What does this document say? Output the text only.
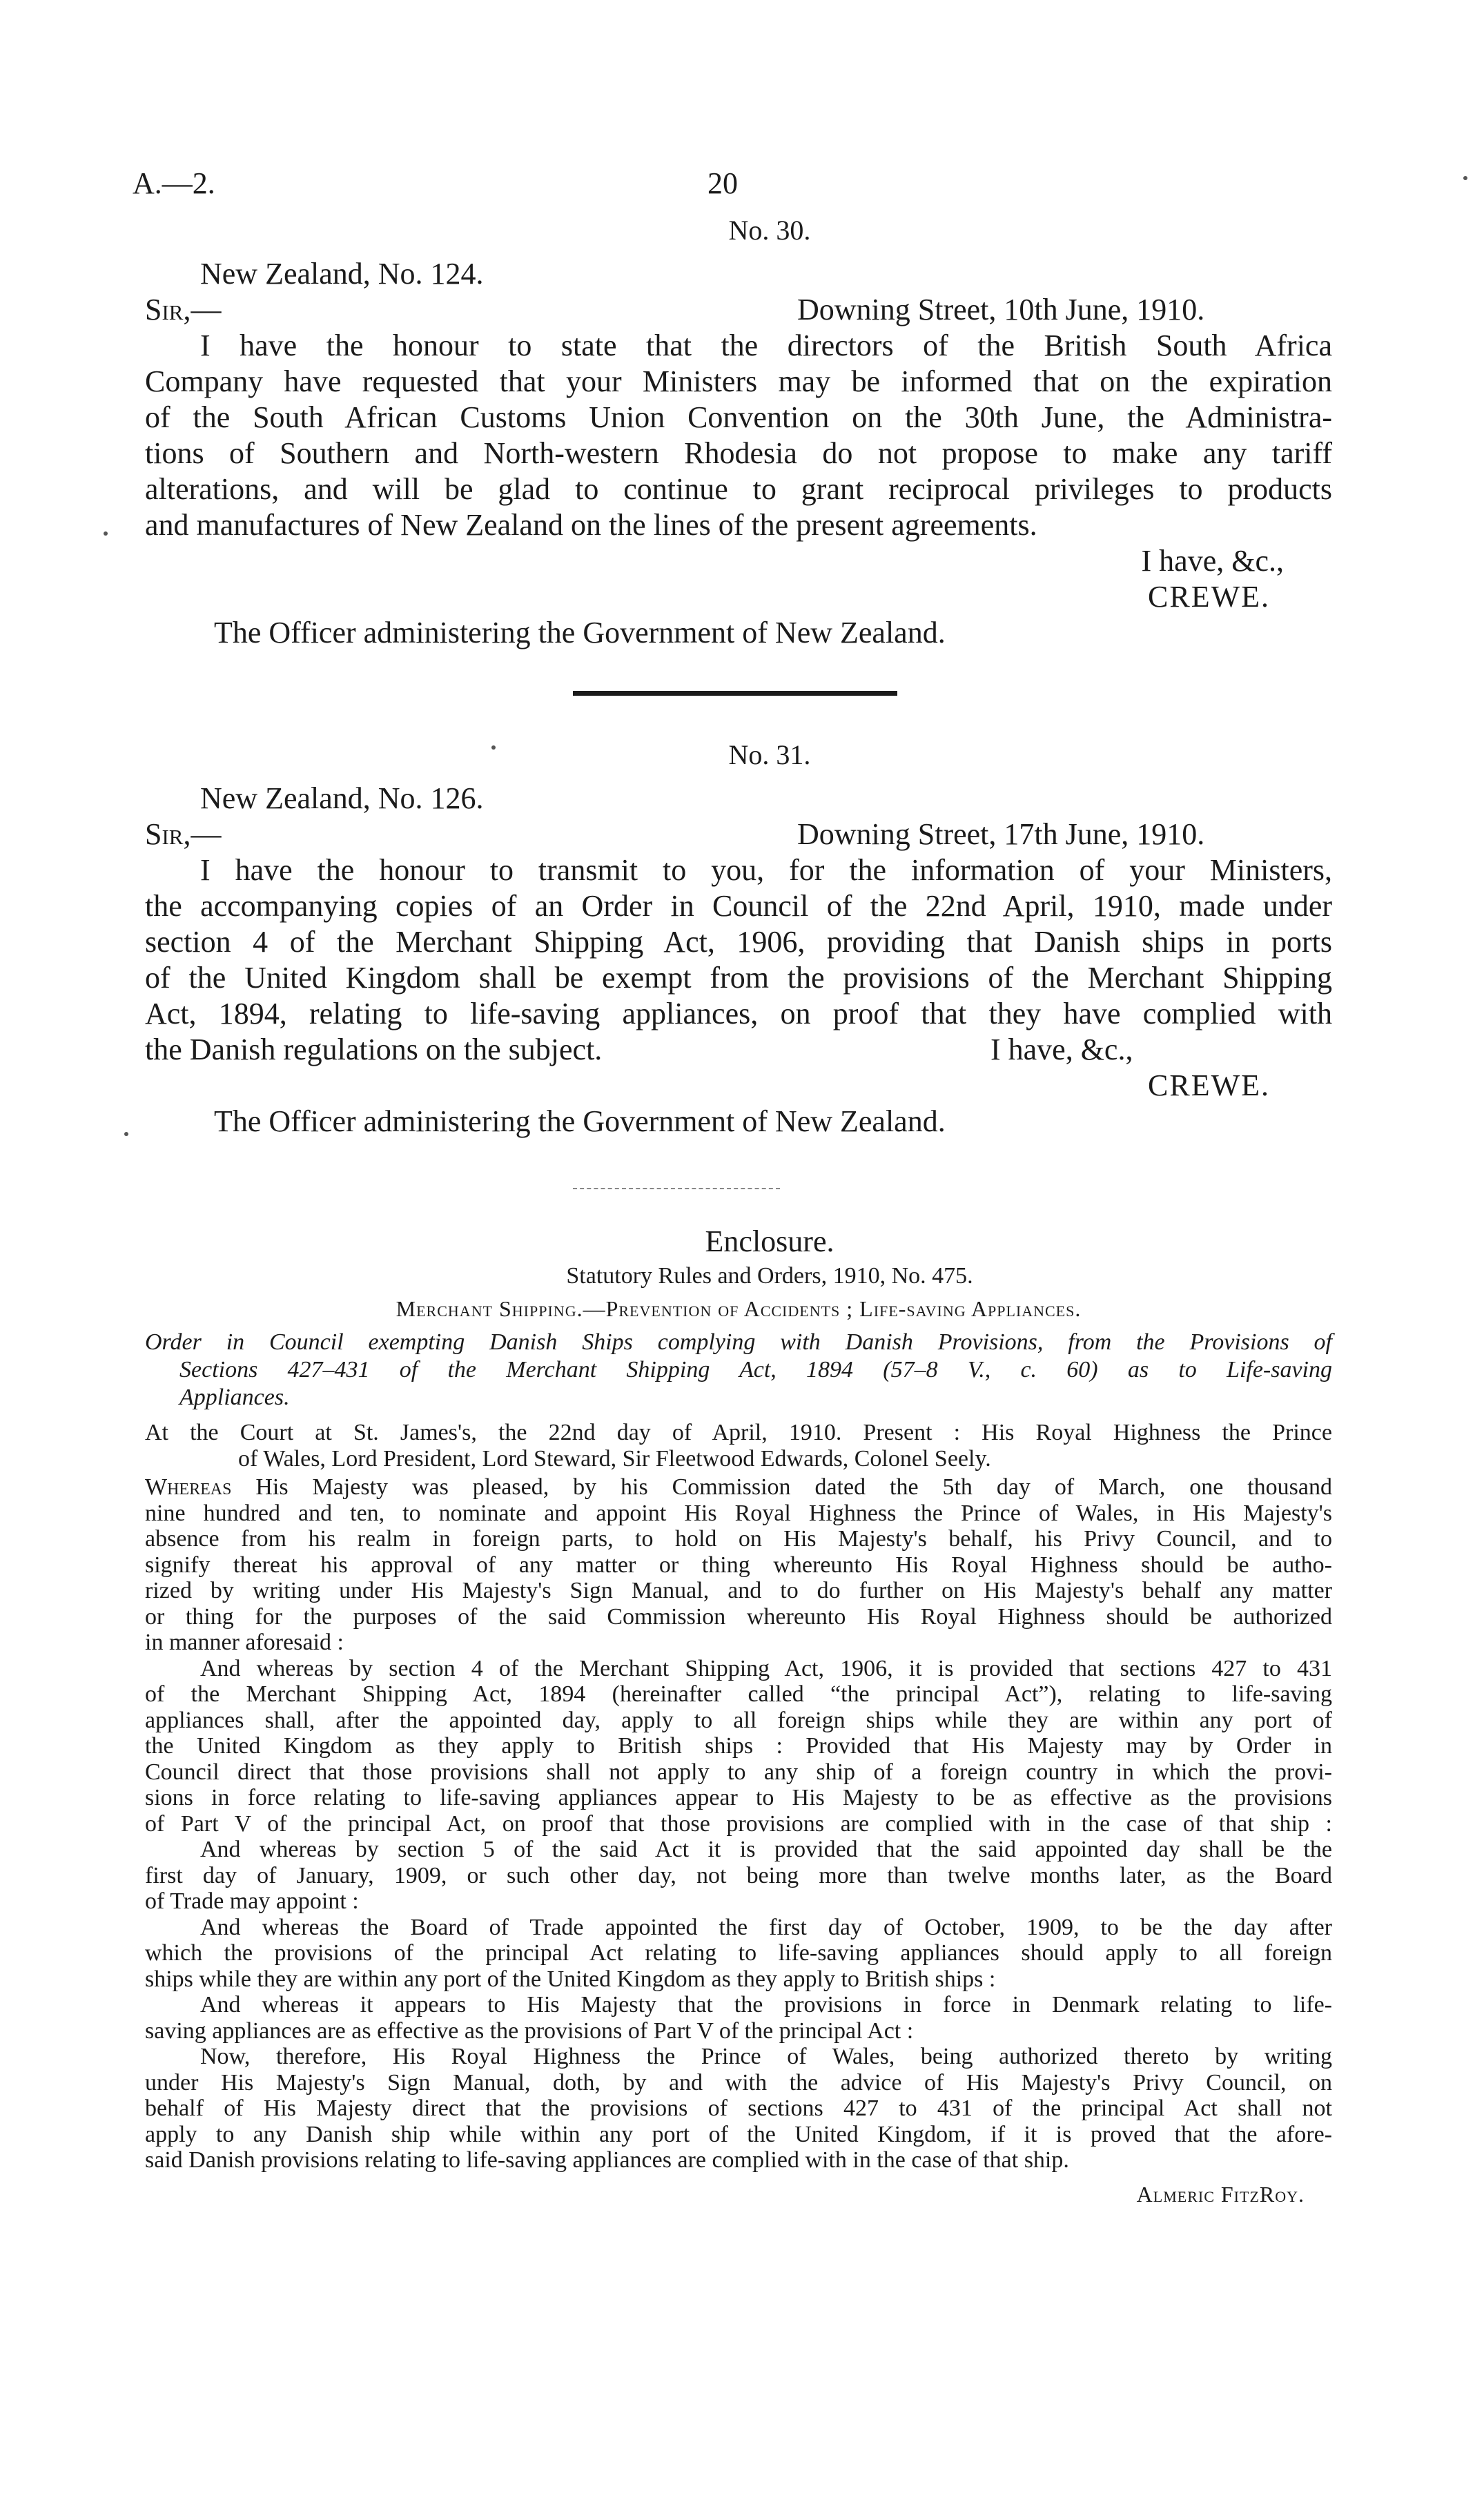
A.—2.	20
No. 30.
New Zealand, No. 124.
Sir,—	Downing Street, 10th June, 1910.
I have the honour to state that the directors of the British South Africa
Company have requested that your Ministers may be informed that on the expiration
of the South African Customs Union Convention on the 30th June, the Administra-
tions of Southern and North-western Rhodesia do not propose to make any tariff
alterations, and will be glad to continue to grant reciprocal privileges to products
and manufactures of New Zealand on the lines of the present agreements.
I have, &c.,
CREWE.
The Officer administering the Government of New Zealand.
No. 31.
New Zealand, No. 126.
Sir,—	Downing Street, 17th June, 1910.
I have the honour to transmit to you, for the information of your Ministers,
the accompanying copies of an Order in Council of the 22nd April, 1910, made under
section 4 of the Merchant Shipping Act, 1906, providing that Danish ships in ports
of the United Kingdom shall be exempt from the provisions of the Merchant Shipping
Act, 1894, relating to life-saving appliances, on proof that they have complied with
the Danish regulations on the subject.	I have, &c.,
CREWE.
The Officer administering the Government of New Zealand.
Enclosure.
Statutory Rules and Orders, 1910, No. 475.
Merchant Shipping.—Prevention of Accidents ; Life-saving Appliances.
Order in Council exempting Danish Ships complying with Danish Provisions, from the Provisions of
Sections 427–431 of the Merchant Shipping Act, 1894 (57–8 V., c. 60) as to Life-saving
Appliances.
At the Court at St. James's, the 22nd day of April, 1910. Present : His Royal Highness the Prince
of Wales, Lord President, Lord Steward, Sir Fleetwood Edwards, Colonel Seely.
Whereas His Majesty was pleased, by his Commission dated the 5th day of March, one thousand
nine hundred and ten, to nominate and appoint His Royal Highness the Prince of Wales, in His Majesty's
absence from his realm in foreign parts, to hold on His Majesty's behalf, his Privy Council, and to
signify thereat his approval of any matter or thing whereunto His Royal Highness should be autho-
rized by writing under His Majesty's Sign Manual, and to do further on His Majesty's behalf any matter
or thing for the purposes of the said Commission whereunto His Royal Highness should be authorized
in manner aforesaid :
And whereas by section 4 of the Merchant Shipping Act, 1906, it is provided that sections 427 to 431
of the Merchant Shipping Act, 1894 (hereinafter called “the principal Act”), relating to life-saving
appliances shall, after the appointed day, apply to all foreign ships while they are within any port of
the United Kingdom as they apply to British ships : Provided that His Majesty may by Order in
Council direct that those provisions shall not apply to any ship of a foreign country in which the provi-
sions in force relating to life-saving appliances appear to His Majesty to be as effective as the provisions
of Part V of the principal Act, on proof that those provisions are complied with in the case of that ship :
And whereas by section 5 of the said Act it is provided that the said appointed day shall be the
first day of January, 1909, or such other day, not being more than twelve months later, as the Board
of Trade may appoint :
And whereas the Board of Trade appointed the first day of October, 1909, to be the day after
which the provisions of the principal Act relating to life-saving appliances should apply to all foreign
ships while they are within any port of the United Kingdom as they apply to British ships :
And whereas it appears to His Majesty that the provisions in force in Denmark relating to life-
saving appliances are as effective as the provisions of Part V of the principal Act :
Now, therefore, His Royal Highness the Prince of Wales, being authorized thereto by writing
under His Majesty's Sign Manual, doth, by and with the advice of His Majesty's Privy Council, on
behalf of His Majesty direct that the provisions of sections 427 to 431 of the principal Act shall not
apply to any Danish ship while within any port of the United Kingdom, if it is proved that the afore-
said Danish provisions relating to life-saving appliances are complied with in the case of that ship.
Almeric FitzRoy.
